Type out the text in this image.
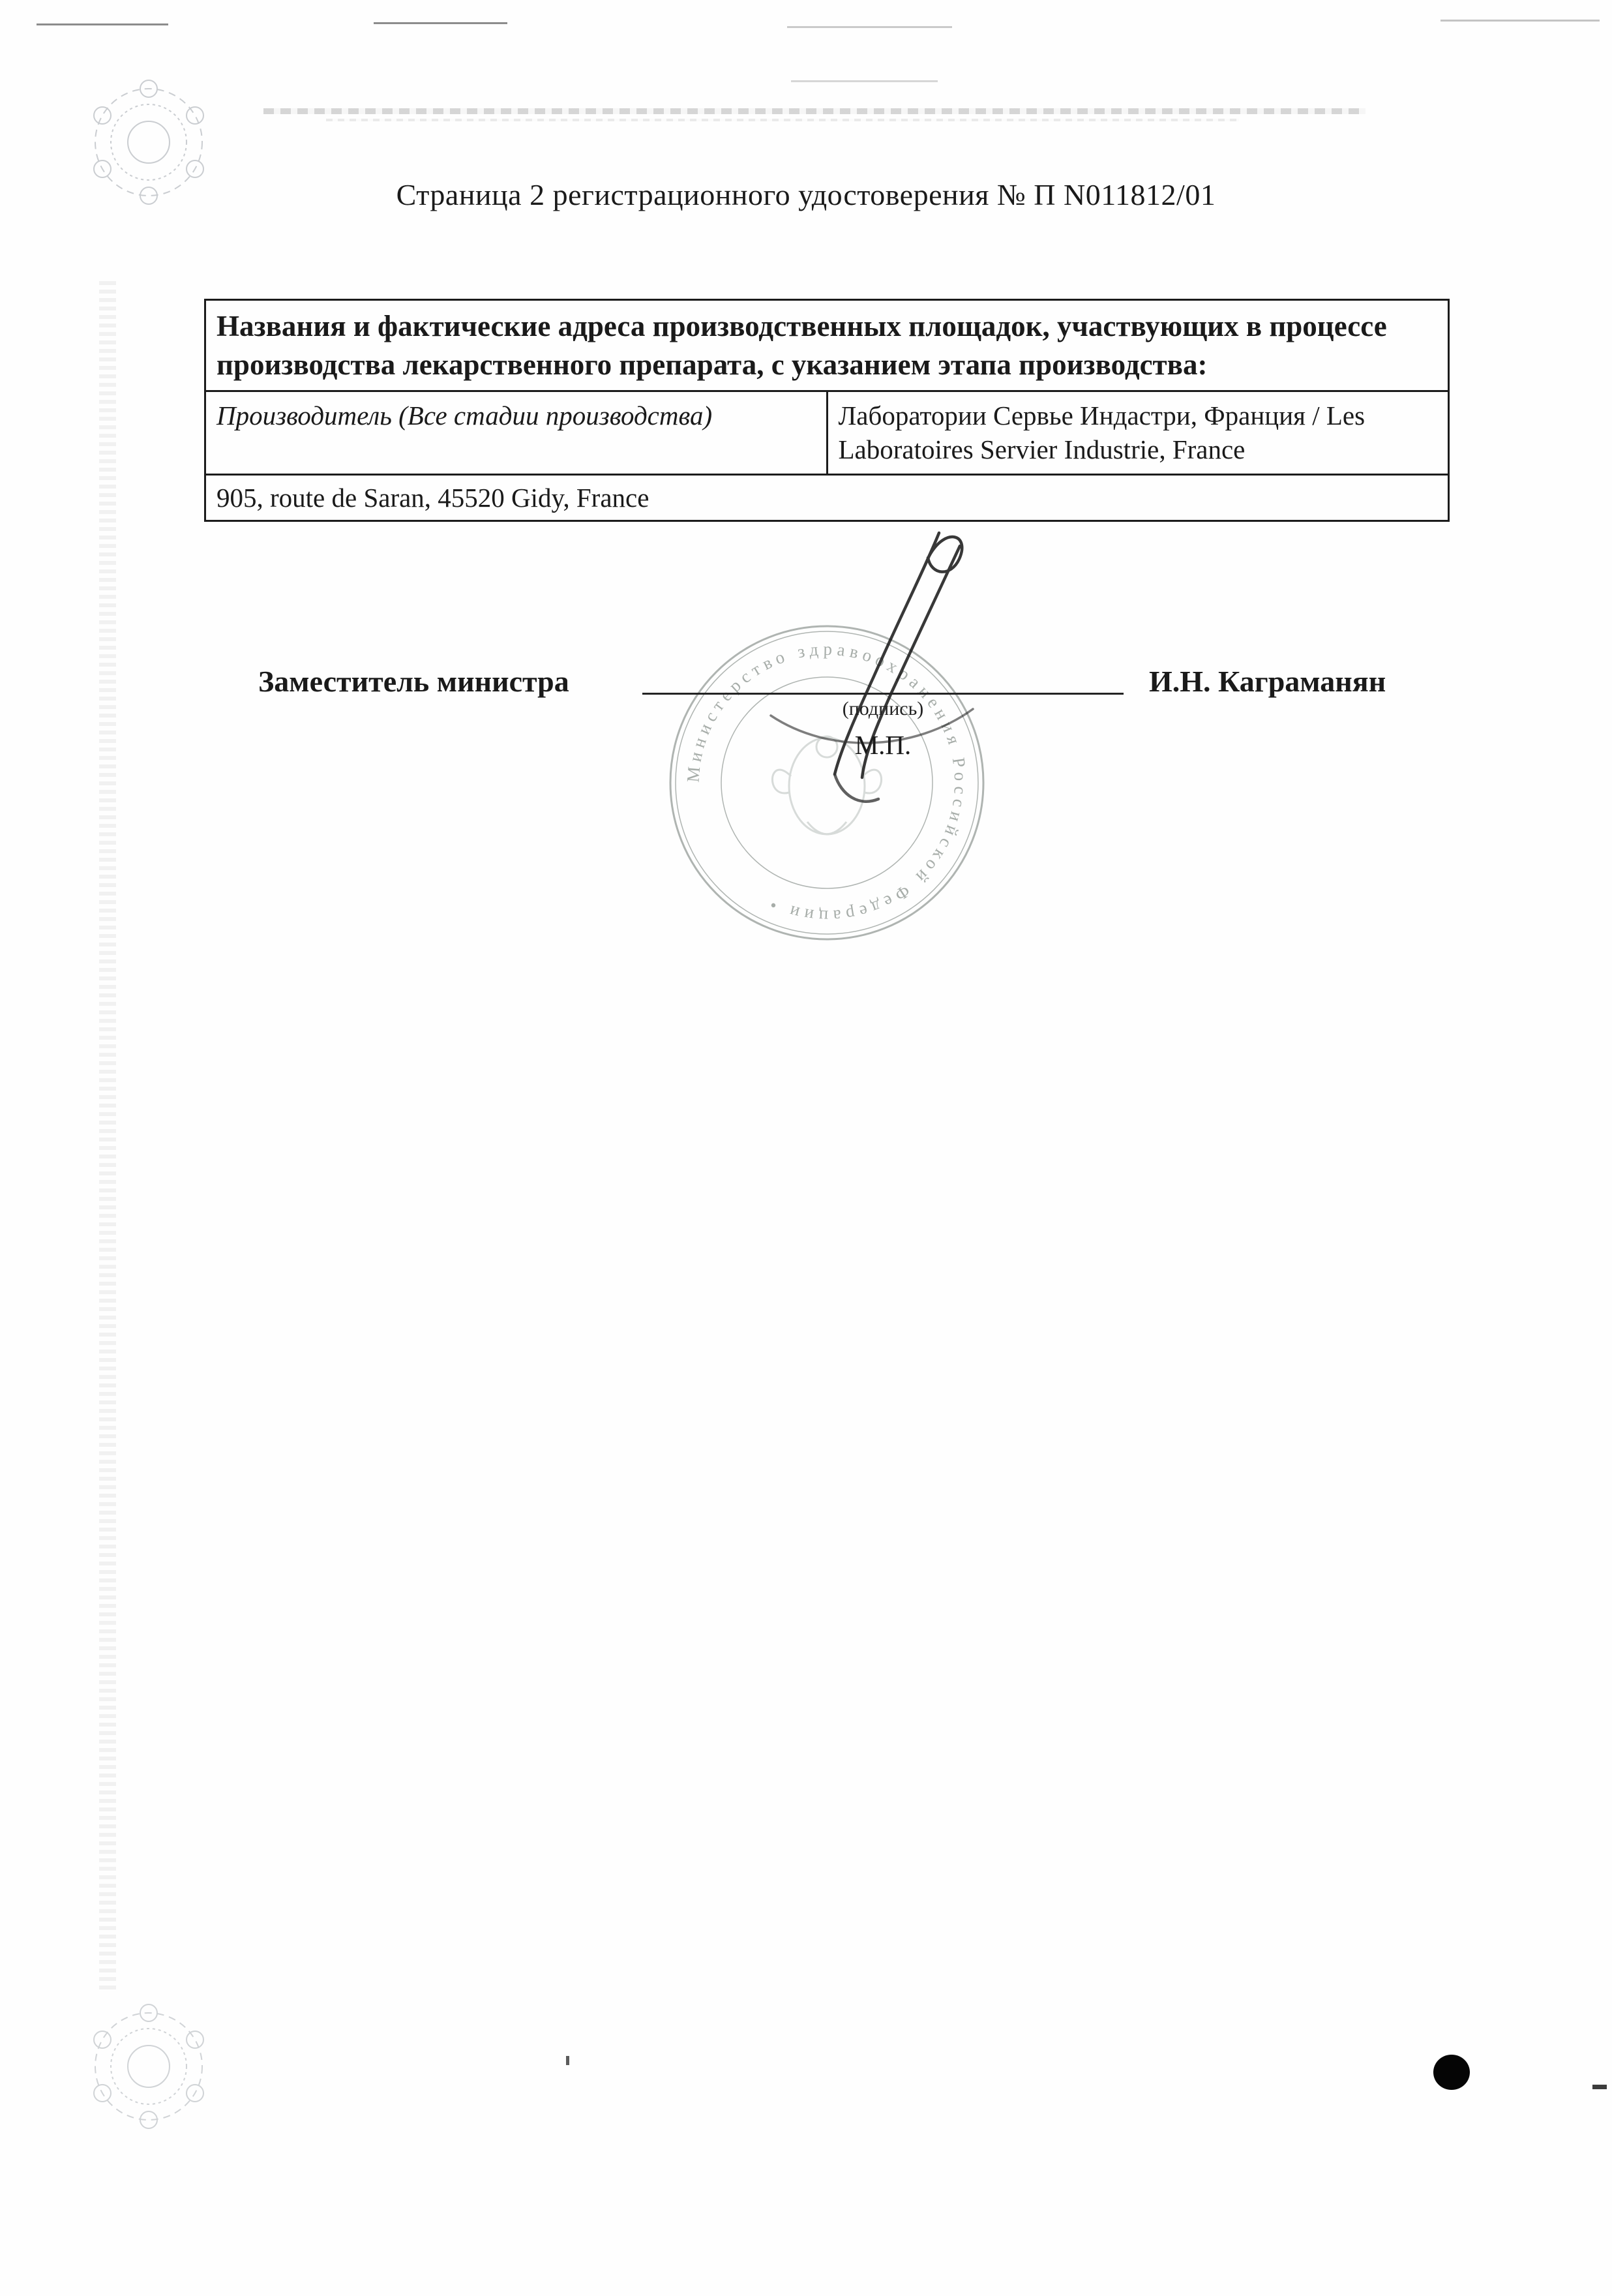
Страница 2 регистрационного удостоверения № П N011812/01
Названия и фактические адреса производственных площадок, участвующих в процессе производства лекарственного препарата, с указанием этапа производства:
Производитель (Все стадии производства)	Лаборатории Сервье Индастри, Франция / Les Laboratoires Servier Industrie, France
905, route de Saran, 45520 Gidy, France
Министерство здравоохранения Российской Федерации •
Заместитель министра
(подпись)
М.П.
И.Н. Каграманян
